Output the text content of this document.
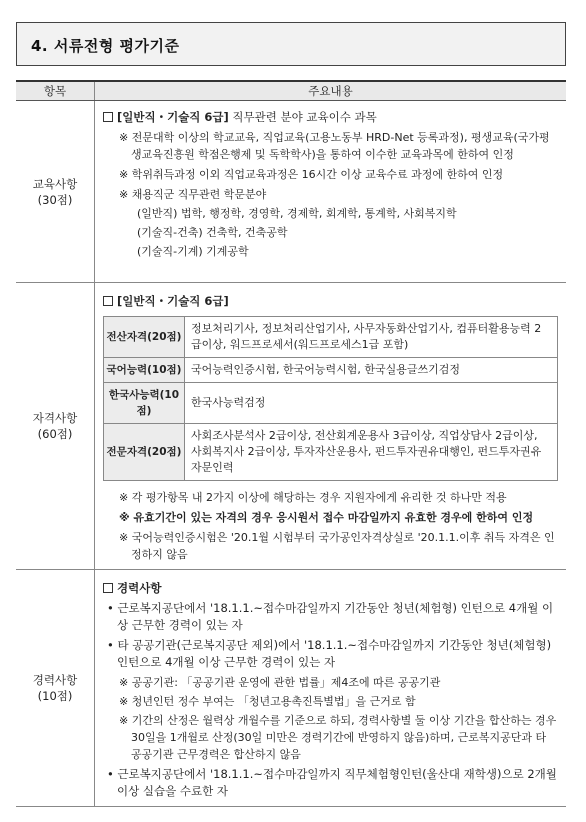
4. 서류전형 평가기준
항목	주요내용

교육사항
(30점)

[일반직・기술직 6급] 직무관련 분야 교육이수 과목
※ 전문대학 이상의 학교교육, 직업교육(고용노동부 HRD-Net 등록과정), 평생교육(국가평생교육진흥원 학점은행제 및 독학학사)을 통하여 이수한 교육과목에 한하여 인정
※ 학위취득과정 이외 직업교육과정은 16시간 이상 교육수료 과정에 한하여 인정
※ 채용직군 직무관련 학문분야
(일반직) 법학, 행정학, 경영학, 경제학, 회계학, 통계학, 사회복지학
(기술직-건축) 건축학, 건축공학
(기술직-기계) 기계공학

자격사항
(60점)

[일반직・기술직 6급]
전산자격(20점)	정보처리기사, 정보처리산업기사, 사무자동화산업기사, 컴퓨터활용능력 2급이상, 워드프로세서(워드프로세스1급 포함)
국어능력(10점)	국어능력인증시험, 한국어능력시험, 한국실용글쓰기검정
한국사능력(10점)	한국사능력검정
전문자격(20점)	사회조사분석사 2급이상, 전산회계운용사 3급이상, 직업상담사 2급이상, 사회복지사 2급이상, 투자자산운용사, 펀드투자권유대행인, 펀드투자권유자문인력
※ 각 평가항목 내 2가지 이상에 해당하는 경우 지원자에게 유리한 것 하나만 적용
※ 유효기간이 있는 자격의 경우 응시원서 접수 마감일까지 유효한 경우에 한하여 인정
※ 국어능력인증시험은 '20.1월 시험부터 국가공인자격상실로 '20.1.1.이후 취득 자격은 인정하지 않음

경력사항
(10점)

경력사항
• 근로복지공단에서 '18.1.1.~접수마감일까지 기간동안 청년(체험형) 인턴으로 4개월 이상 근무한 경력이 있는 자
• 타 공공기관(근로복지공단 제외)에서 '18.1.1.~접수마감일까지 기간동안 청년(체험형)인턴으로 4개월 이상 근무한 경력이 있는 자
※ 공공기관: 「공공기관 운영에 관한 법률」제4조에 따른 공공기관
※ 청년인턴 정수 부여는 「청년고용촉진특별법」을 근거로 함
※ 기간의 산정은 월력상 개월수를 기준으로 하되, 경력사항별 둘 이상 기간을 합산하는 경우 30일을 1개월로 산정(30일 미만은 경력기간에 반영하지 않음)하며, 근로복지공단과 타 공공기관 근무경력은 합산하지 않음
• 근로복지공단에서 '18.1.1.~접수마감일까지 직무체험형인턴(울산대 재학생)으로 2개월 이상 실습을 수료한 자
